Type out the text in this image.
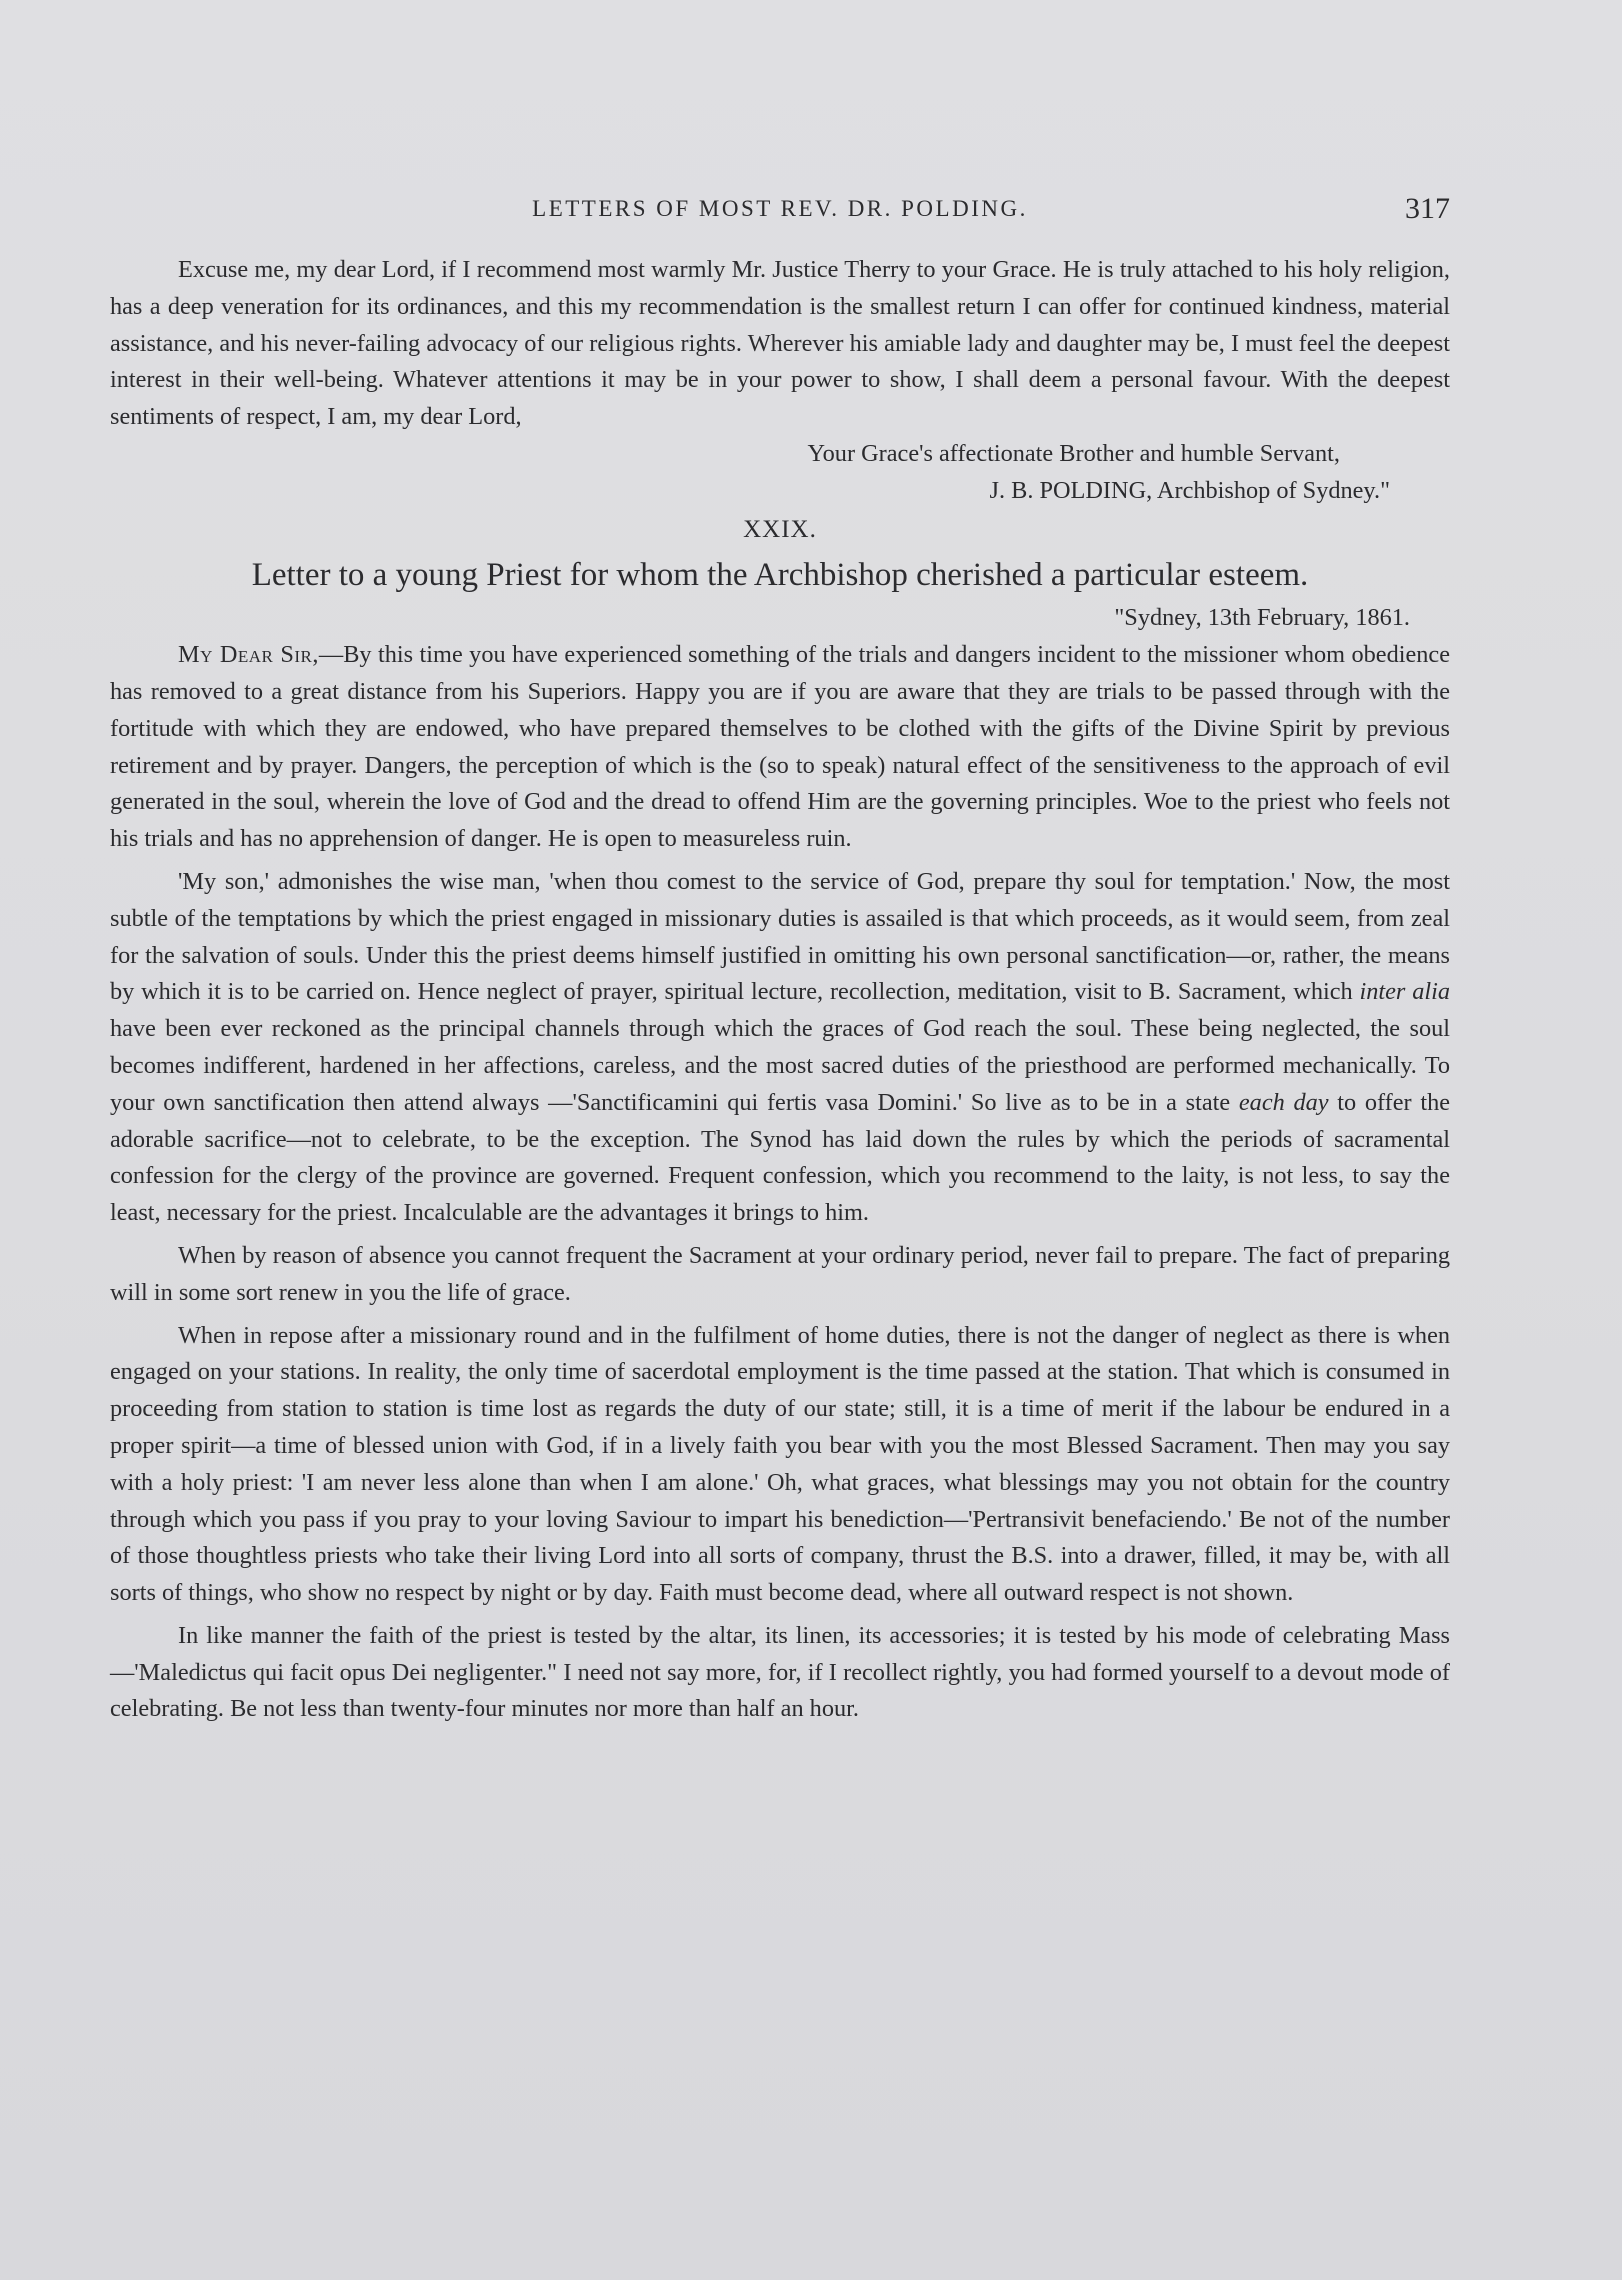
LETTERS OF MOST REV. DR. POLDING.	317

Excuse me, my dear Lord, if I recommend most warmly Mr. Justice Therry to your Grace. He is truly attached to his holy religion, has a deep veneration for its ordinances, and this my recommendation is the smallest return I can offer for continued kindness, material assistance, and his never-failing advocacy of our religious rights. Wherever his amiable lady and daughter may be, I must feel the deepest interest in their well-being. Whatever attentions it may be in your power to show, I shall deem a personal favour. With the deepest sentiments of respect, I am, my dear Lord,

Your Grace's affectionate Brother and humble Servant,
J. B. POLDING, Archbishop of Sydney."
XXIX.
Letter to a young Priest for whom the Archbishop cherished a particular esteem.
"Sydney, 13th February, 1861.

My Dear Sir,—By this time you have experienced something of the trials and dangers incident to the missioner whom obedience has removed to a great distance from his Superiors. Happy you are if you are aware that they are trials to be passed through with the fortitude with which they are endowed, who have prepared themselves to be clothed with the gifts of the Divine Spirit by previous retirement and by prayer. Dangers, the perception of which is the (so to speak) natural effect of the sensitiveness to the approach of evil generated in the soul, wherein the love of God and the dread to offend Him are the governing principles. Woe to the priest who feels not his trials and has no apprehension of danger. He is open to measureless ruin.

'My son,' admonishes the wise man, 'when thou comest to the service of God, prepare thy soul for temptation.' Now, the most subtle of the temptations by which the priest engaged in missionary duties is assailed is that which proceeds, as it would seem, from zeal for the salvation of souls. Under this the priest deems himself justified in omitting his own personal sanctification—or, rather, the means by which it is to be carried on. Hence neglect of prayer, spiritual lecture, recollection, meditation, visit to B. Sacrament, which inter alia have been ever reckoned as the principal channels through which the graces of God reach the soul. These being neglected, the soul becomes indifferent, hardened in her affections, careless, and the most sacred duties of the priesthood are performed mechanically. To your own sanctification then attend always —'Sanctificamini qui fertis vasa Domini.' So live as to be in a state each day to offer the adorable sacrifice—not to celebrate, to be the exception. The Synod has laid down the rules by which the periods of sacramental confession for the clergy of the province are governed. Frequent confession, which you recommend to the laity, is not less, to say the least, necessary for the priest. Incalculable are the advantages it brings to him.

When by reason of absence you cannot frequent the Sacrament at your ordinary period, never fail to prepare. The fact of preparing will in some sort renew in you the life of grace.

When in repose after a missionary round and in the fulfilment of home duties, there is not the danger of neglect as there is when engaged on your stations. In reality, the only time of sacerdotal employment is the time passed at the station. That which is consumed in proceeding from station to station is time lost as regards the duty of our state; still, it is a time of merit if the labour be endured in a proper spirit—a time of blessed union with God, if in a lively faith you bear with you the most Blessed Sacrament. Then may you say with a holy priest: 'I am never less alone than when I am alone.' Oh, what graces, what blessings may you not obtain for the country through which you pass if you pray to your loving Saviour to impart his benediction—'Pertransivit benefaciendo.' Be not of the number of those thoughtless priests who take their living Lord into all sorts of company, thrust the B.S. into a drawer, filled, it may be, with all sorts of things, who show no respect by night or by day. Faith must become dead, where all outward respect is not shown.

In like manner the faith of the priest is tested by the altar, its linen, its accessories; it is tested by his mode of celebrating Mass—'Maledictus qui facit opus Dei negligenter." I need not say more, for, if I recollect rightly, you had formed yourself to a devout mode of celebrating. Be not less than twenty-four minutes nor more than half an hour.
